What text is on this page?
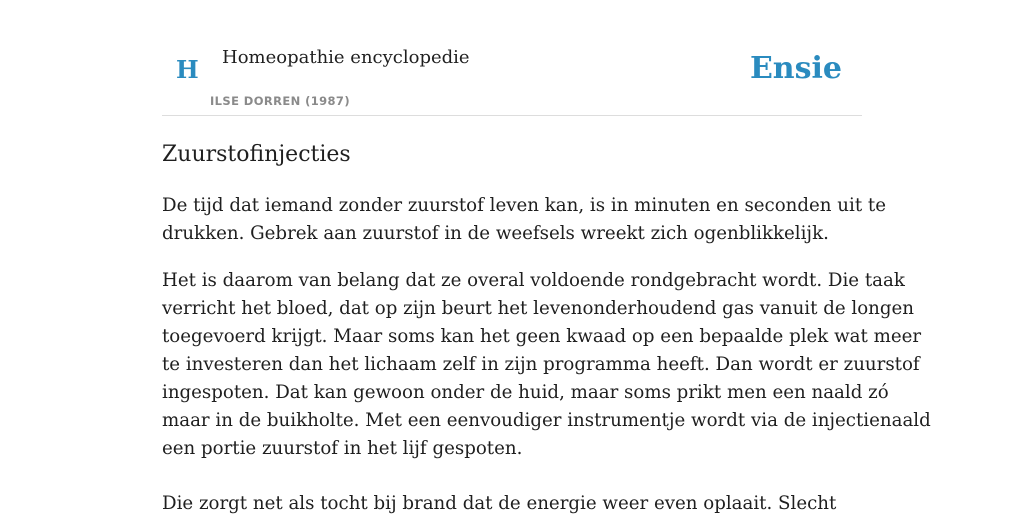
H Homeopathie encyclopedie
ILSE DORREN (1987)
Ensie
Zuurstofinjecties

De tijd dat iemand zonder zuurstof leven kan, is in minuten en seconden uit te
drukken. Gebrek aan zuurstof in de weefsels wreekt zich ogenblikkelijk.

Het is daarom van belang dat ze overal voldoende rondgebracht wordt. Die taak
verricht het bloed, dat op zijn beurt het levenonderhoudend gas vanuit de longen
toegevoerd krijgt. Maar soms kan het geen kwaad op een bepaalde plek wat meer
te investeren dan het lichaam zelf in zijn programma heeft. Dan wordt er zuurstof
ingespoten. Dat kan gewoon onder de huid, maar soms prikt men een naald zó
maar in de buikholte. Met een eenvoudiger instrumentje wordt via de injectienaald
een portie zuurstof in het lijf gespoten.

Die zorgt net als tocht bij brand dat de energie weer even oplaait. Slecht
